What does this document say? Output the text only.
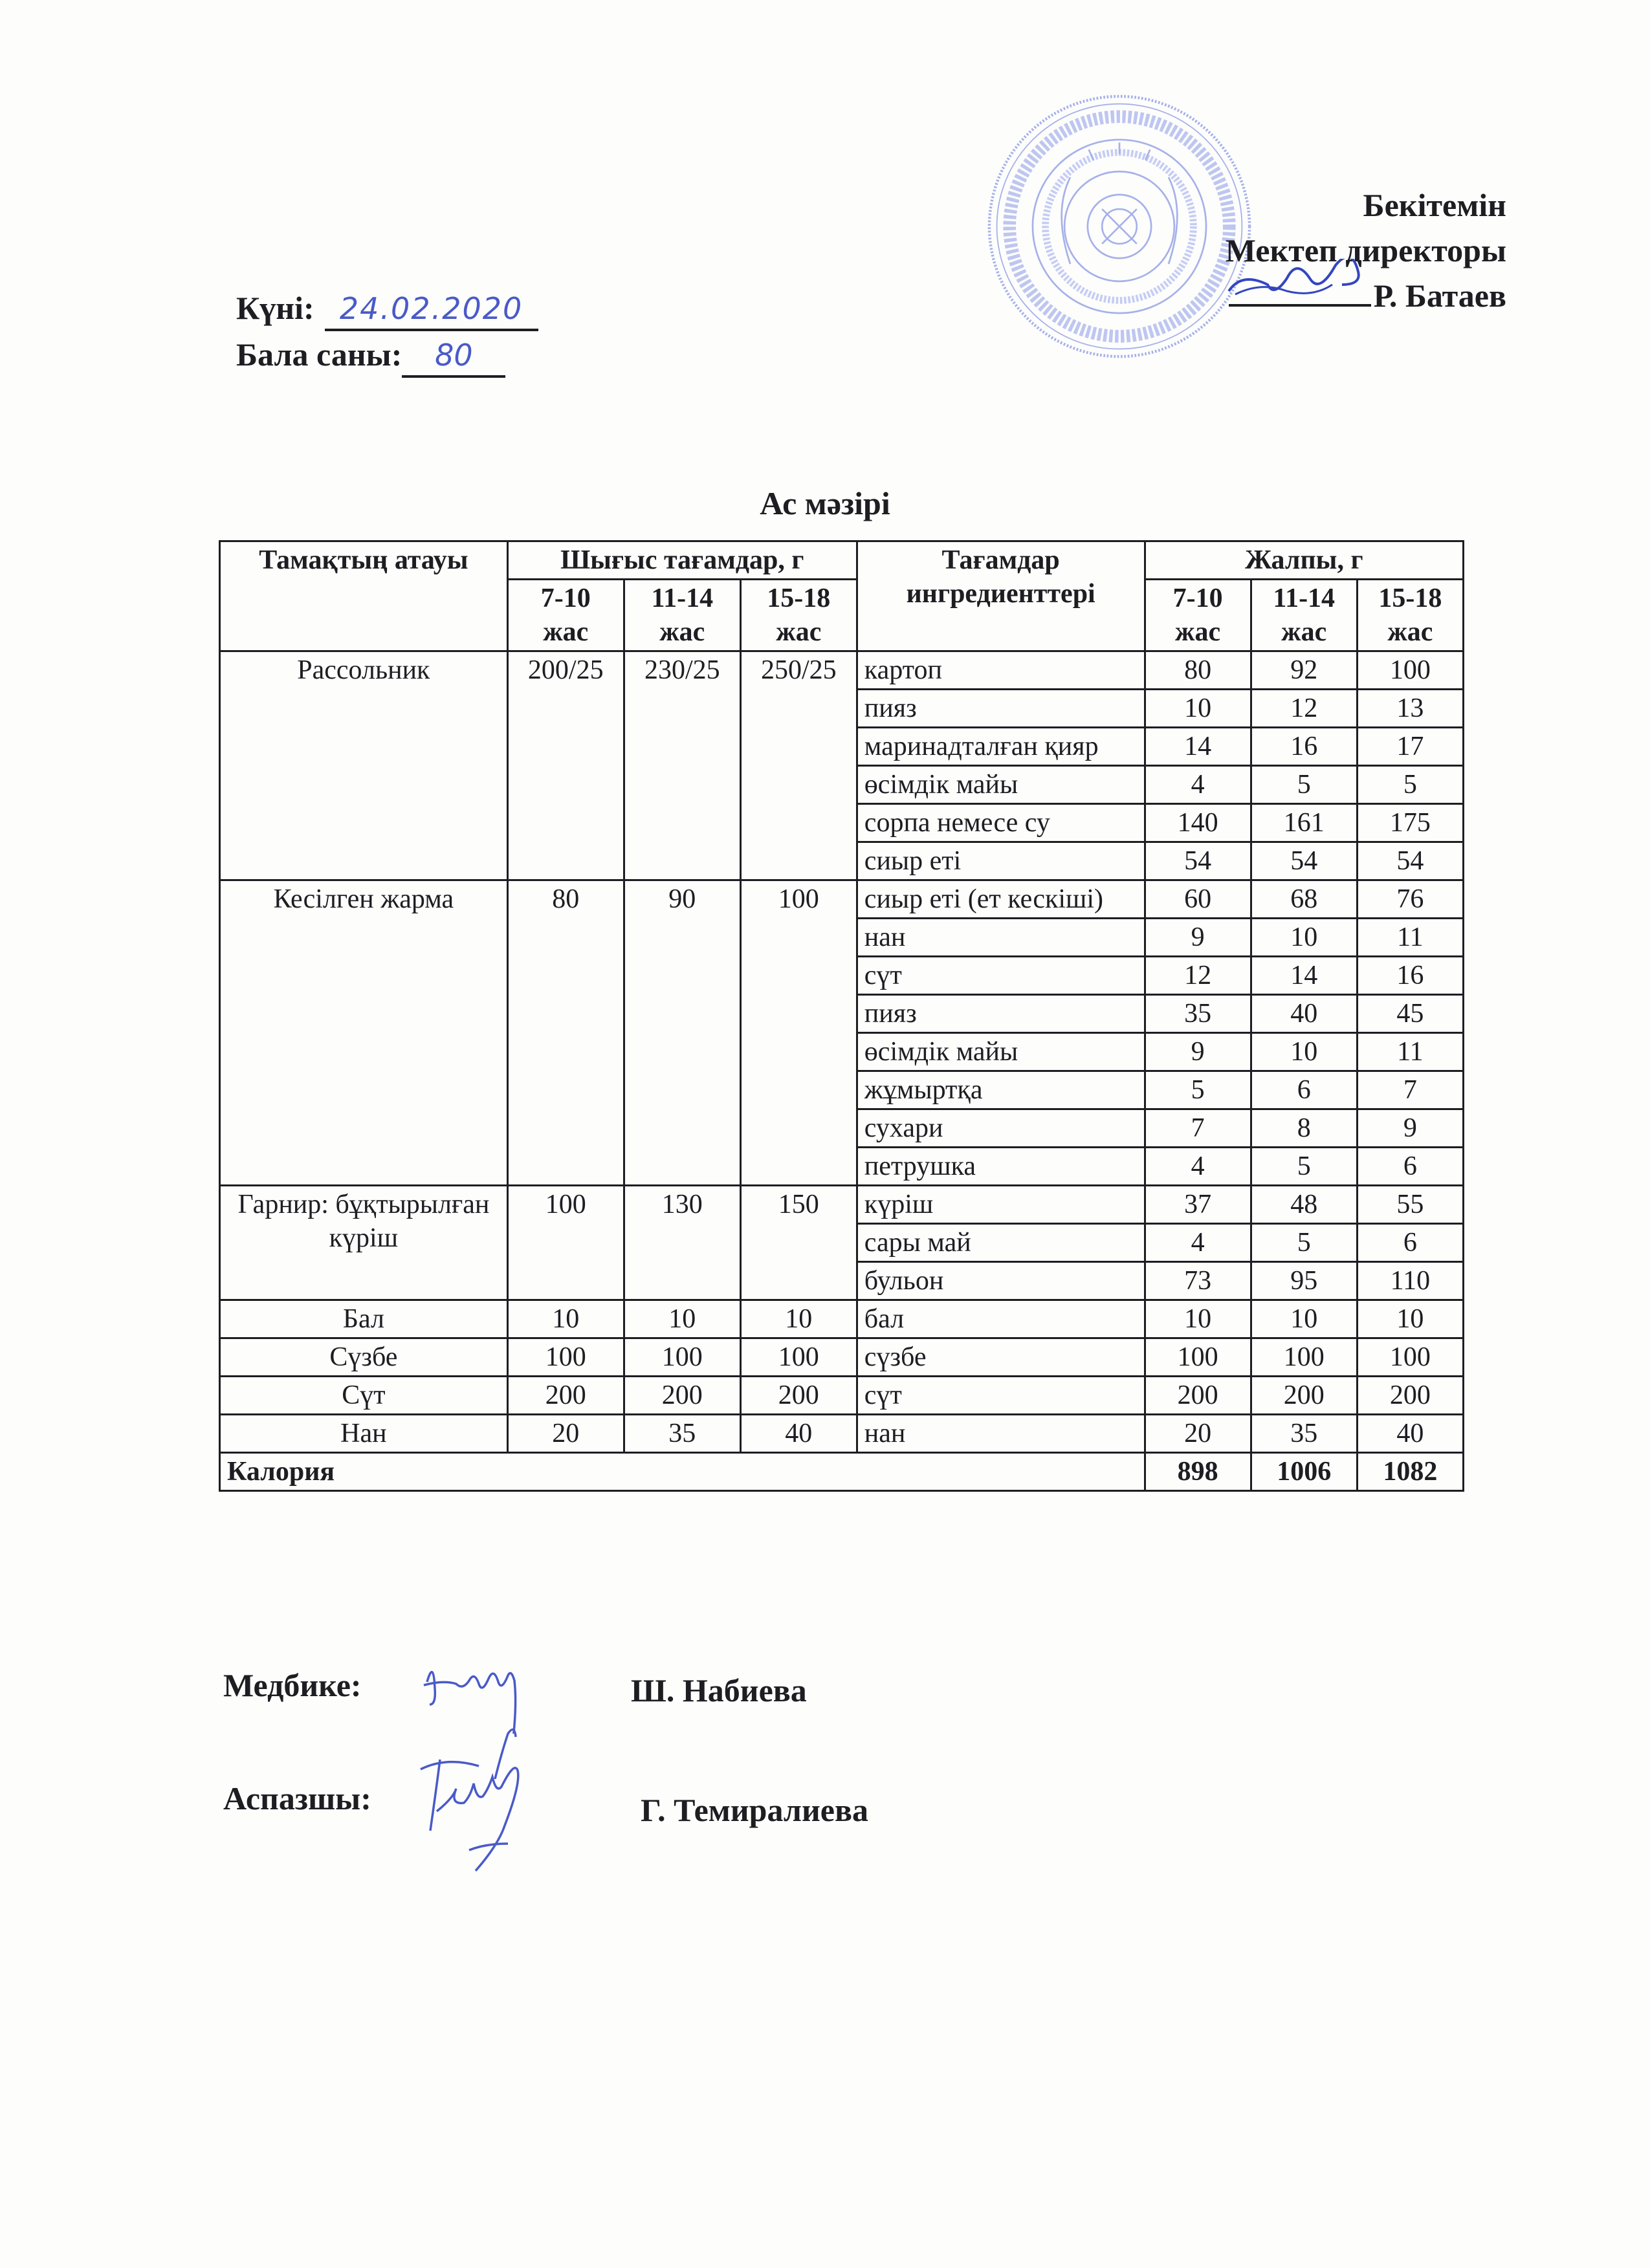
Бекітемін
Мектеп директоры
Р. Батаев
Күні: 24.02.2020
Бала саны:	80
Ас мәзірі
Тамақтың атауы	Шығыс тағамдар, г			Тағамдар ингредиенттері	Жалпы, г		
	7-10 жас	11-14 жас	15-18 жас		7-10 жас	11-14 жас	15-18 жас
Рассольник	200/25	230/25	250/25	картоп	80	92	100
				пияз	10	12	13
				маринадталған қияр	14	16	17
				өсімдік майы	4	5	5
				сорпа немесе су	140	161	175
				сиыр еті	54	54	54
Кесілген жарма	80	90	100	сиыр еті (ет кескіші)	60	68	76
				нан	9	10	11
				сүт	12	14	16
				пияз	35	40	45
				өсімдік майы	9	10	11
				жұмыртқа	5	6	7
				сухари	7	8	9
				петрушка	4	5	6
Гарнир: бұқтырылған күріш	100	130	150	күріш	37	48	55
				сары май	4	5	6
				бульон	73	95	110
Бал	10	10	10	бал	10	10	10
Сүзбе	100	100	100	сүзбе	100	100	100
Сүт	200	200	200	сүт	200	200	200
Нан	20	35	40	нан	20	35	40
Калория					898	1006	1082
Медбике:	Ш. Набиева
Аспазшы:	Г. Темиралиева
